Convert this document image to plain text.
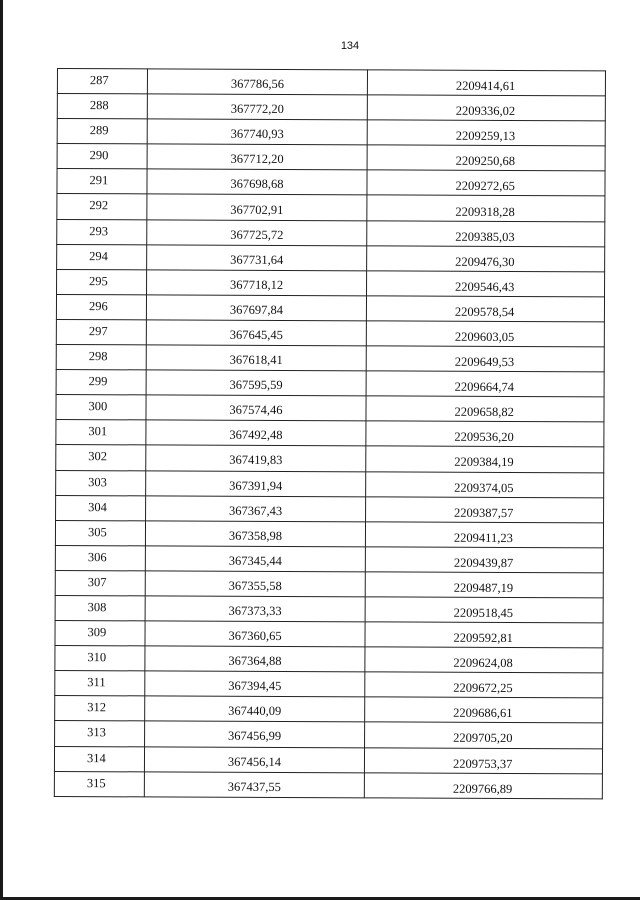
134
287	367786,56	2209414,61
288	367772,20	2209336,02
289	367740,93	2209259,13
290	367712,20	2209250,68
291	367698,68	2209272,65
292	367702,91	2209318,28
293	367725,72	2209385,03
294	367731,64	2209476,30
295	367718,12	2209546,43
296	367697,84	2209578,54
297	367645,45	2209603,05
298	367618,41	2209649,53
299	367595,59	2209664,74
300	367574,46	2209658,82
301	367492,48	2209536,20
302	367419,83	2209384,19
303	367391,94	2209374,05
304	367367,43	2209387,57
305	367358,98	2209411,23
306	367345,44	2209439,87
307	367355,58	2209487,19
308	367373,33	2209518,45
309	367360,65	2209592,81
310	367364,88	2209624,08
311	367394,45	2209672,25
312	367440,09	2209686,61
313	367456,99	2209705,20
314	367456,14	2209753,37
315	367437,55	2209766,89
